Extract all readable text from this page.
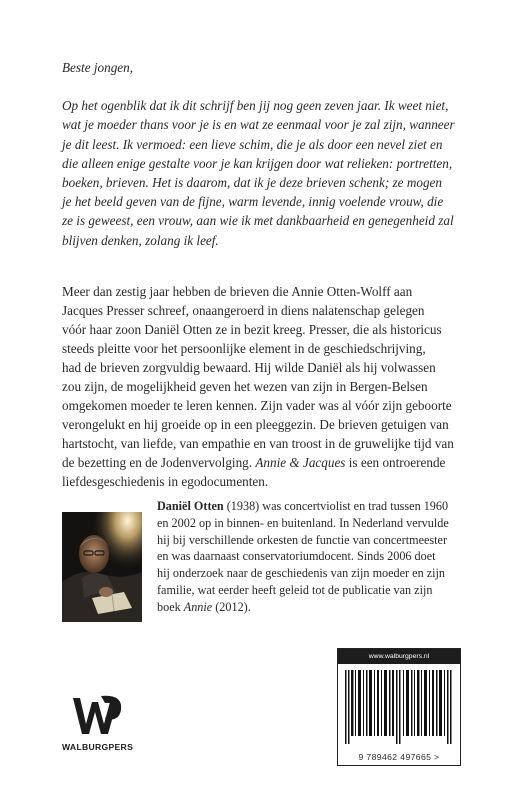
Beste jongen,

Op het ogenblik dat ik dit schrijf ben jij nog geen zeven jaar. Ik weet niet,
wat je moeder thans voor je is en wat ze eenmaal voor je zal zijn, wanneer
je dit leest. Ik vermoed: een lieve schim, die je als door een nevel ziet en
die alleen enige gestalte voor je kan krijgen door wat relieken: portretten,
boeken, brieven. Het is daarom, dat ik je deze brieven schenk; ze mogen
je het beeld geven van de fijne, warm levende, innig voelende vrouw, die
ze is geweest, een vrouw, aan wie ik met dankbaarheid en genegenheid zal
blijven denken, zolang ik leef.

Meer dan zestig jaar hebben de brieven die Annie Otten-Wolff aan
Jacques Presser schreef, onaangeroerd in diens nalatenschap gelegen
vóór haar zoon Daniël Otten ze in bezit kreeg. Presser, die als historicus
steeds pleitte voor het persoonlijke element in de geschiedschrijving,
had de brieven zorgvuldig bewaard. Hij wilde Daniël als hij volwassen
zou zijn, de mogelijkheid geven het wezen van zijn in Bergen-Belsen
omgekomen moeder te leren kennen. Zijn vader was al vóór zijn geboorte
verongelukt en hij groeide op in een pleeggezin. De brieven getuigen van
hartstocht, van liefde, van empathie en van troost in de gruwelijke tijd van
de bezetting en de Jodenvervolging. Annie & Jacques is een ontroerende
liefdesgeschiedenis in egodocumenten.

Daniël Otten (1938) was concertviolist en trad tussen 1960
en 2002 op in binnen- en buitenland. In Nederland vervulde
hij bij verschillende orkesten de functie van concertmeester
en was daarnaast conservatoriumdocent. Sinds 2006 doet
hij onderzoek naar de geschiedenis van zijn moeder en zijn
familie, wat eerder heeft geleid tot de publicatie van zijn
boek Annie (2012).

WALBURGPERS
www.walburgpers.nl
9 789462 497665 >
